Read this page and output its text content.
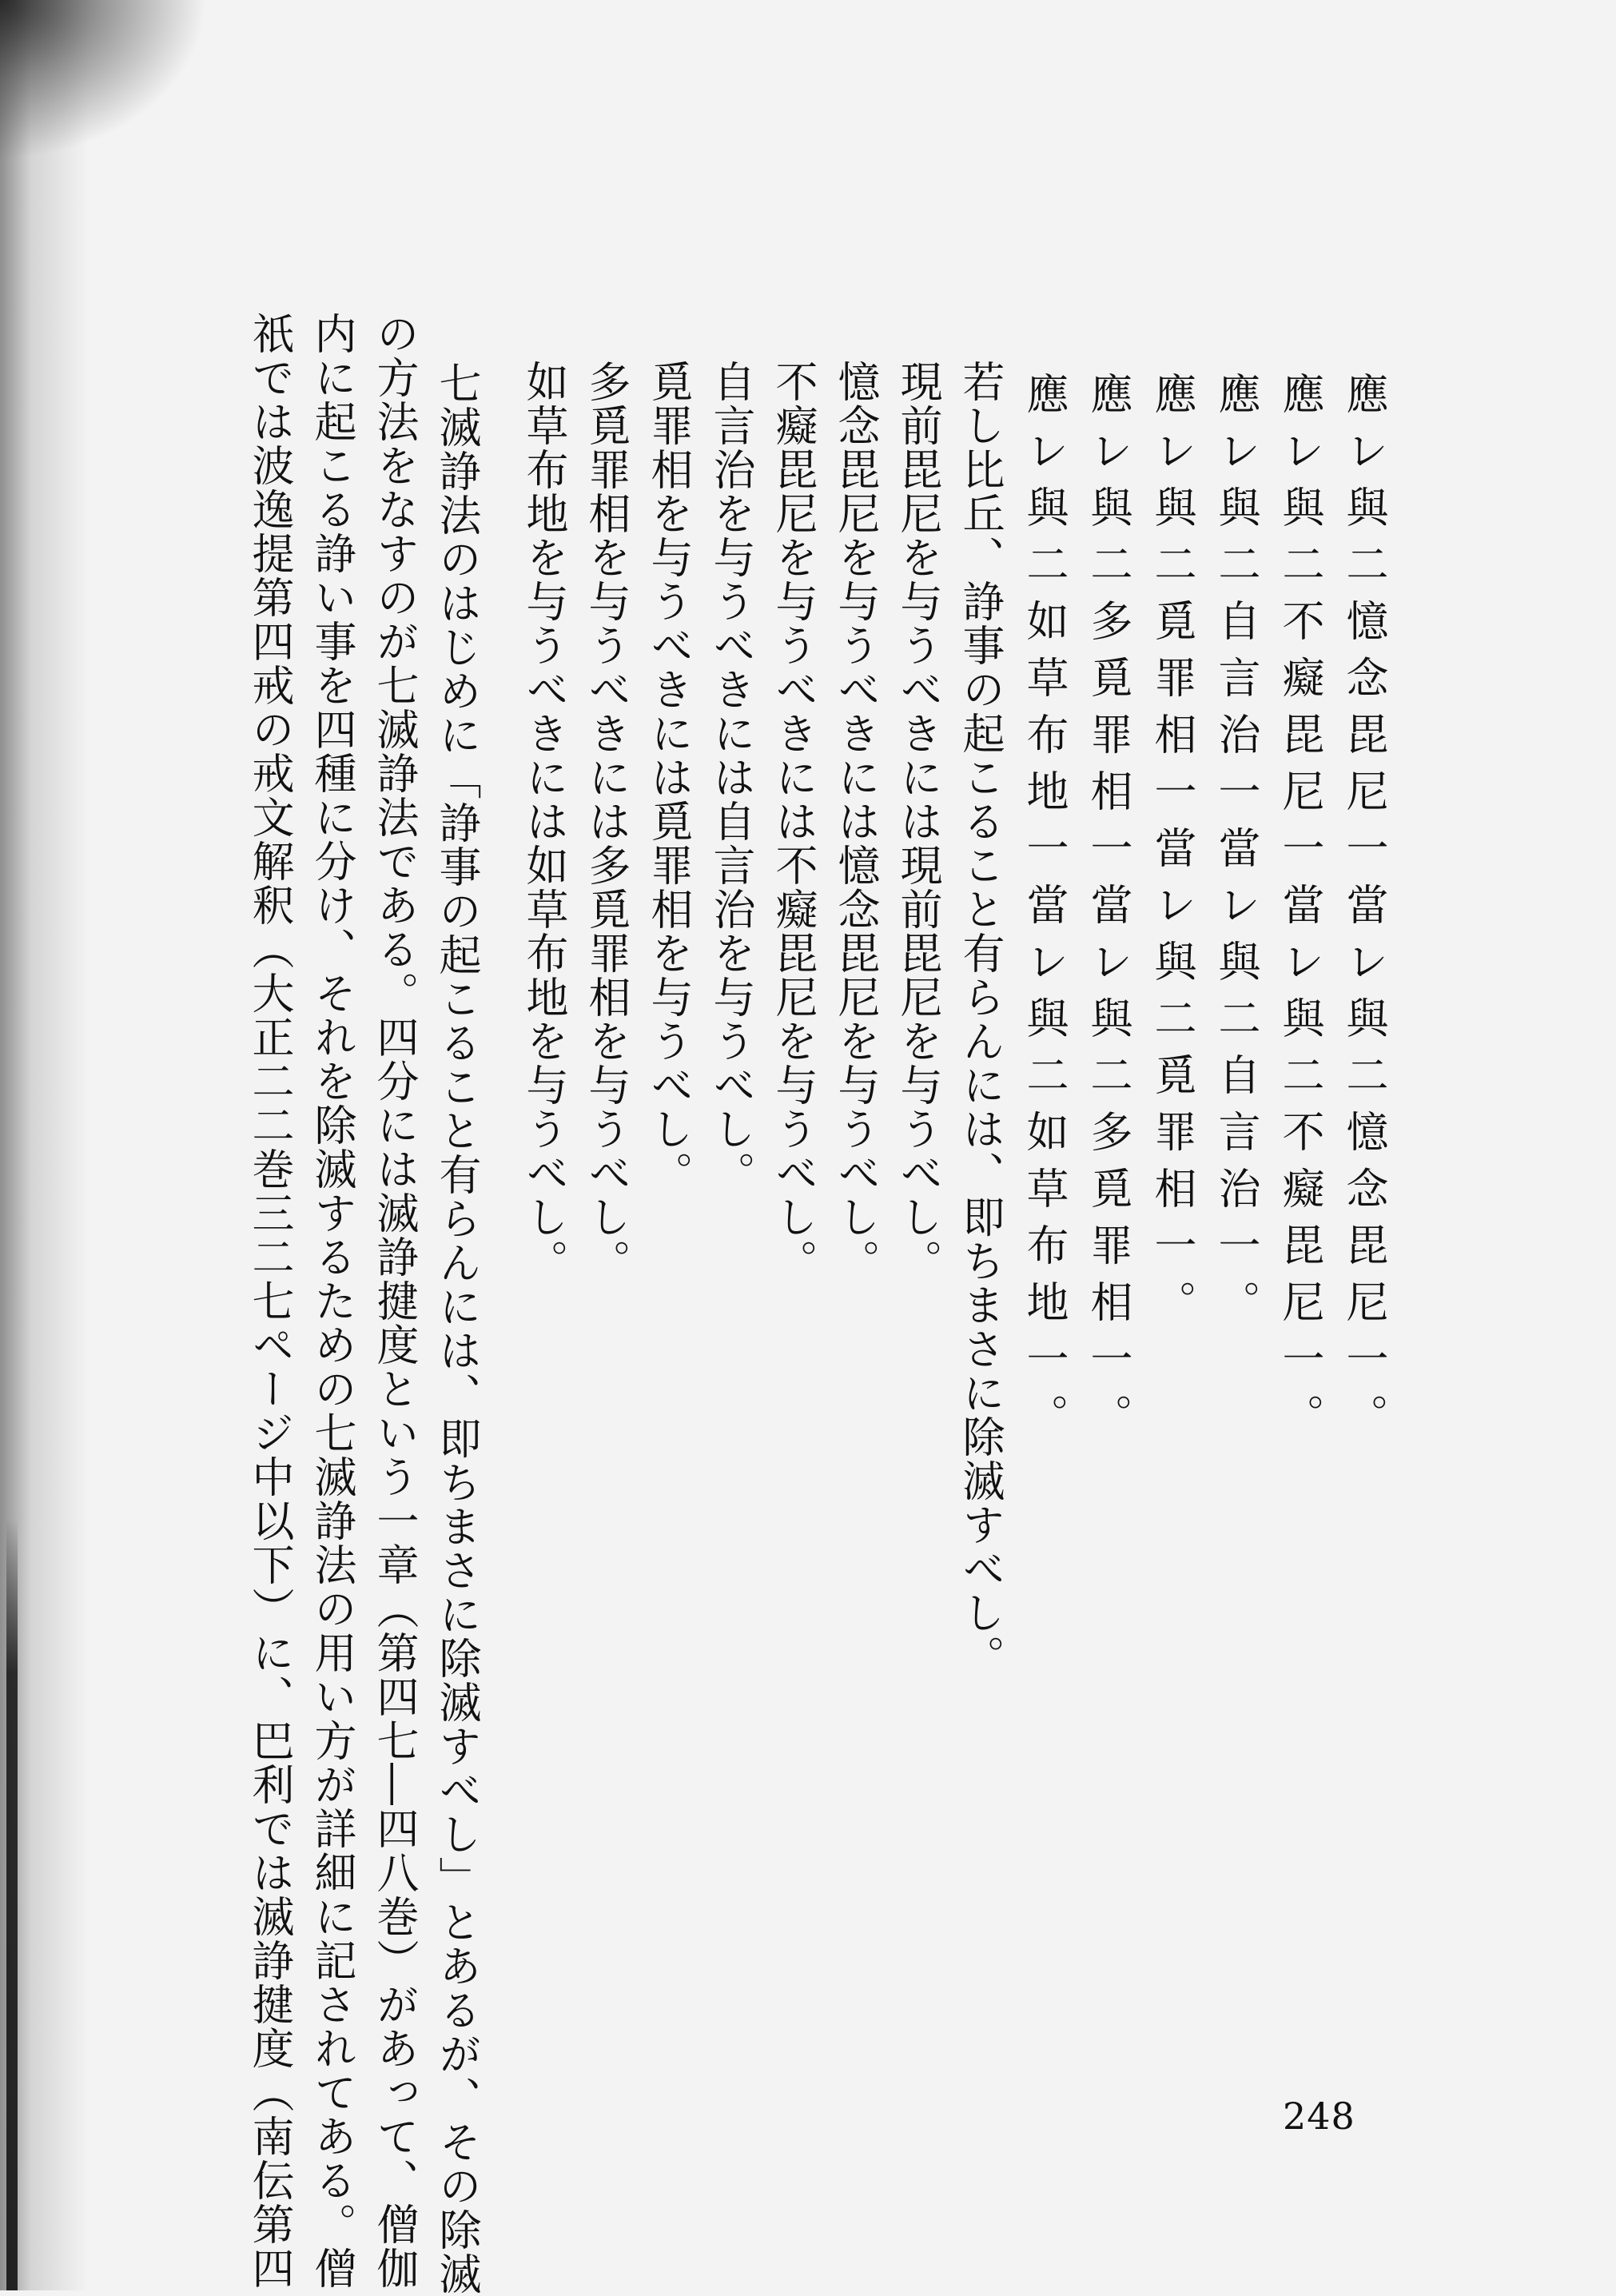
應レ與二憶念毘尼一當レ與二憶念毘尼一。
應レ與二不癡毘尼一當レ與二不癡毘尼一。
應レ與二自言治一當レ與二自言治一。
應レ與二覓罪相一當レ與二覓罪相一。
應レ與二多覓罪相一當レ與二多覓罪相一。
應レ與二如草布地一當レ與二如草布地一。
若し比丘、諍事の起こること有らんには、即ちまさに除滅すべし。
現前毘尼を与うべきには現前毘尼を与うべし。
憶念毘尼を与うべきには憶念毘尼を与うべし。
不癡毘尼を与うべきには不癡毘尼を与うべし。
自言治を与うべきには自言治を与うべし。
覓罪相を与うべきには覓罪相を与うべし。
多覓罪相を与うべきには多覓罪相を与うべし。
如草布地を与うべきには如草布地を与うべし。
七滅諍法のはじめに「諍事の起こること有らんには、即ちまさに除滅すべし」とあるが、その除滅
の方法をなすのが七滅諍法である。四分には滅諍揵度という一章（第四七―四八巻）があって、僧伽
内に起こる諍い事を四種に分け、それを除滅するための七滅諍法の用い方が詳細に記されてある。僧
祇では波逸提第四戒の戒文解釈（大正二二巻三二七ページ中以下）に、巴利では滅諍揵度（南伝第四	248
